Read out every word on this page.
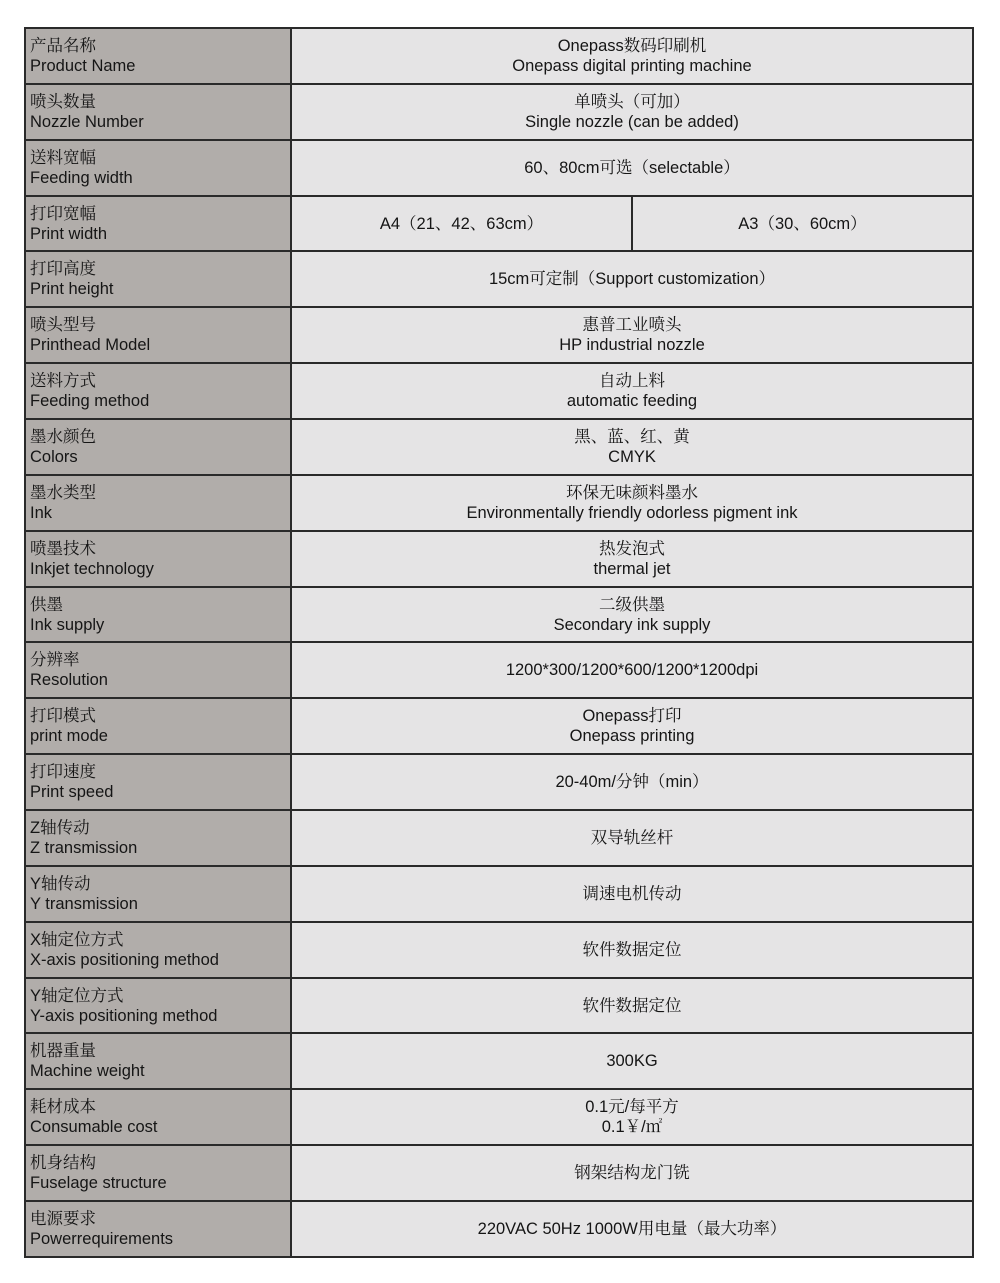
产品名称
Product Name	Onepass数码印刷机
Onepass digital printing machine	

喷头数量
Nozzle Number	单喷头（可加）
Single nozzle (can be added)	

送料宽幅
Feeding width	60、80cm可选（selectable）	

打印宽幅
Print width	A4（21、42、63cm）	A3（30、60cm）

打印高度
Print height	15cm可定制（Support customization）	

喷头型号
Printhead Model	惠普工业喷头
HP industrial nozzle	

送料方式
Feeding method	自动上料
automatic feeding	

墨水颜色
Colors	黑、蓝、红、黄
CMYK	

墨水类型
Ink	环保无味颜料墨水
Environmentally friendly odorless pigment ink	

喷墨技术
Inkjet technology	热发泡式
thermal jet	

供墨
Ink supply	二级供墨
Secondary ink supply	

分辨率
Resolution	1200*300/1200*600/1200*1200dpi	

打印模式
print mode	Onepass打印
Onepass printing	

打印速度
Print speed	20-40m/分钟（min）	

Z轴传动
Z transmission	双导轨丝杆	

Y轴传动
Y transmission	调速电机传动	

X轴定位方式
X-axis positioning method	软件数据定位	

Y轴定位方式
Y-axis positioning method	软件数据定位	

机器重量
Machine weight	300KG	

耗材成本
Consumable cost	0.1元/每平方
0.1￥/㎡	

机身结构
Fuselage structure	钢架结构龙门铣	

电源要求
Powerrequirements	220VAC 50Hz 1000W用电量（最大功率）	
